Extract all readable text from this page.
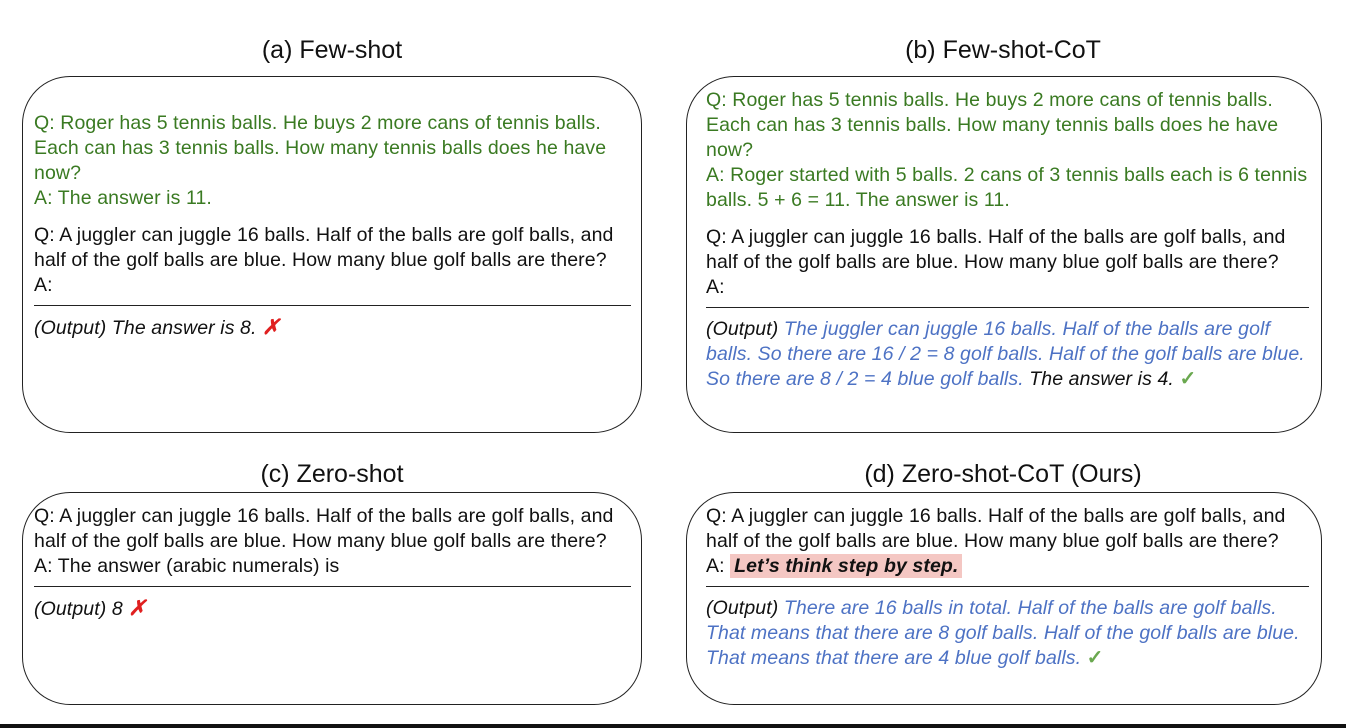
(a) Few-shot

Q: Roger has 5 tennis balls. He buys 2 more cans of tennis balls. Each can has 3 tennis balls. How many tennis balls does he have now?

A: The answer is 11.

Q: A juggler can juggle 16 balls. Half of the balls are golf balls, and half of the golf balls are blue. How many blue golf balls are there?

A:

(Output) The answer is 8. ✗

(b) Few-shot-CoT

Q: Roger has 5 tennis balls. He buys 2 more cans of tennis balls. Each can has 3 tennis balls. How many tennis balls does he have now?

A: Roger started with 5 balls. 2 cans of 3 tennis balls each is 6 tennis balls. 5 + 6 = 11. The answer is 11.

Q: A juggler can juggle 16 balls. Half of the balls are golf balls, and half of the golf balls are blue. How many blue golf balls are there?

A:

(Output) The juggler can juggle 16 balls. Half of the balls are golf balls. So there are 16 / 2 = 8 golf balls. Half of the golf balls are blue. So there are 8 / 2 = 4 blue golf balls. The answer is 4. ✓

(c) Zero-shot

Q: A juggler can juggle 16 balls. Half of the balls are golf balls, and half of the golf balls are blue. How many blue golf balls are there?

A: The answer (arabic numerals) is

(Output) 8 ✗

(d) Zero-shot-CoT (Ours)

Q: A juggler can juggle 16 balls. Half of the balls are golf balls, and half of the golf balls are blue. How many blue golf balls are there?

A: Let’s think step by step.

(Output) There are 16 balls in total. Half of the balls are golf balls. That means that there are 8 golf balls. Half of the golf balls are blue. That means that there are 4 blue golf balls. ✓
